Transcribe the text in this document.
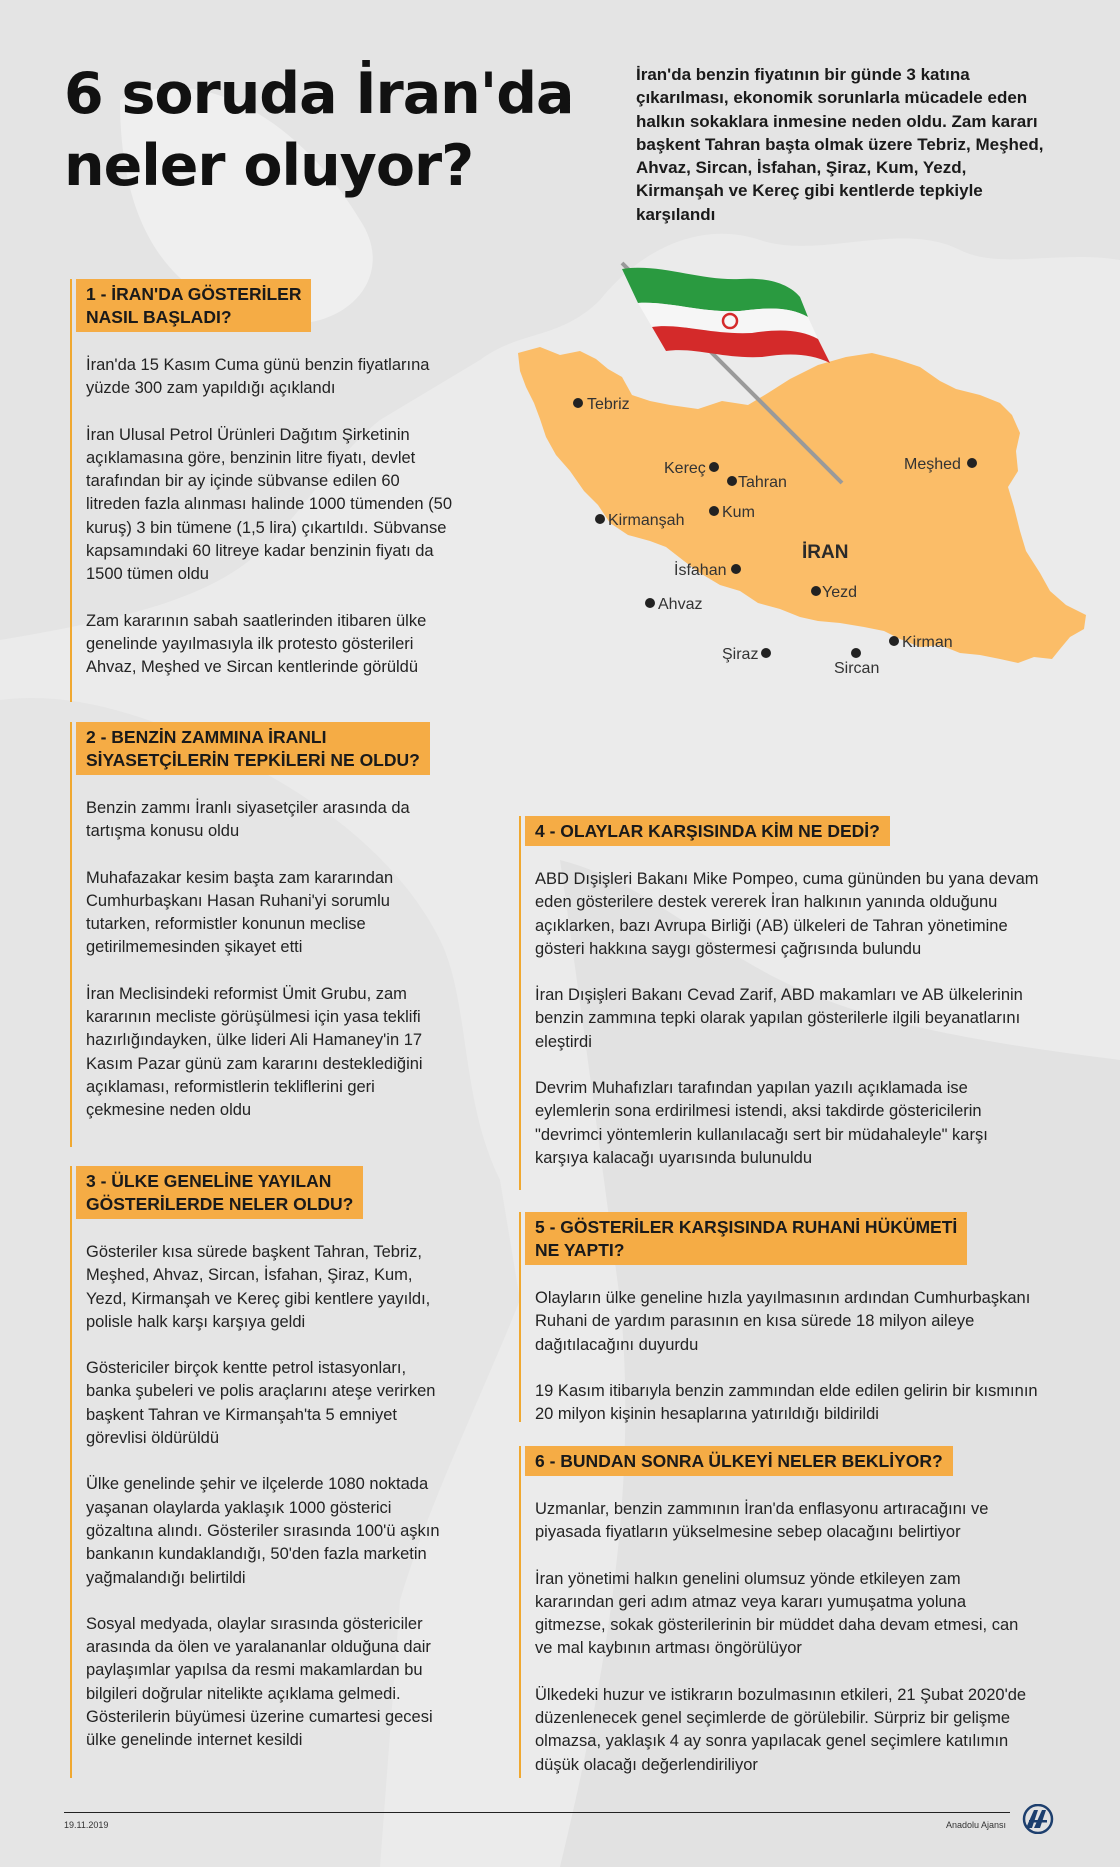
6 soruda İran'da neler oluyor?
İran'da benzin fiyatının bir günde 3 katına çıkarılması, ekonomik sorunlarla mücadele eden halkın sokaklara inmesine neden oldu. Zam kararı başkent Tahran başta olmak üzere Tebriz, Meşhed, Ahvaz, Sircan, İsfahan, Şiraz, Kum, Yezd, Kirmanşah ve Kereç gibi kentlerde tepkiyle karşılandı
Tebriz
Kereç
Tahran
Meşhed
Kirmanşah Kum
İsfahan
Yezd
Ahvaz
Şiraz
Sircan
Kirman
İRAN
1 - İRAN'DA GÖSTERİLER
NASIL BAŞLADI?
İran'da 15 Kasım Cuma günü benzin fiyatlarına yüzde 300 zam yapıldığı açıklandı
İran Ulusal Petrol Ürünleri Dağıtım Şirketinin açıklamasına göre, benzinin litre fiyatı, devlet tarafından bir ay içinde sübvanse edilen 60 litreden fazla alınması halinde 1000 tümenden (50 kuruş) 3 bin tümene (1,5 lira) çıkartıldı. Sübvanse kapsamındaki 60 litreye kadar benzinin fiyatı da 1500 tümen oldu
Zam kararının sabah saatlerinden itibaren ülke genelinde yayılmasıyla ilk protesto gösterileri Ahvaz, Meşhed ve Sircan kentlerinde görüldü
2 - BENZİN ZAMMINA İRANLI
SİYASETÇİLERİN TEPKİLERİ NE OLDU?
Benzin zammı İranlı siyasetçiler arasında da tartışma konusu oldu
Muhafazakar kesim başta zam kararından Cumhurbaşkanı Hasan Ruhani'yi sorumlu tutarken, reformistler konunun meclise getirilmemesinden şikayet etti
İran Meclisindeki reformist Ümit Grubu, zam kararının mecliste görüşülmesi için yasa teklifi hazırlığındayken, ülke lideri Ali Hamaney'in 17 Kasım Pazar günü zam kararını desteklediğini açıklaması, reformistlerin tekliflerini geri çekmesine neden oldu
3 - ÜLKE GENELİNE YAYILAN
GÖSTERİLERDE NELER OLDU?
Gösteriler kısa sürede başkent Tahran, Tebriz, Meşhed, Ahvaz, Sircan, İsfahan, Şiraz, Kum, Yezd, Kirmanşah ve Kereç gibi kentlere yayıldı, polisle halk karşı karşıya geldi
Göstericiler birçok kentte petrol istasyonları, banka şubeleri ve polis araçlarını ateşe verirken başkent Tahran ve Kirmanşah'ta 5 emniyet görevlisi öldürüldü
Ülke genelinde şehir ve ilçelerde 1080 noktada yaşanan olaylarda yaklaşık 1000 gösterici gözaltına alındı. Gösteriler sırasında 100'ü aşkın bankanın kundaklandığı, 50'den fazla marketin yağmalandığı belirtildi
Sosyal medyada, olaylar sırasında göstericiler arasında da ölen ve yaralananlar olduğuna dair paylaşımlar yapılsa da resmi makamlardan bu bilgileri doğrular nitelikte açıklama gelmedi. Gösterilerin büyümesi üzerine cumartesi gecesi ülke genelinde internet kesildi
4 - OLAYLAR KARŞISINDA KİM NE DEDİ?
ABD Dışişleri Bakanı Mike Pompeo, cuma gününden bu yana devam eden gösterilere destek vererek İran halkının yanında olduğunu açıklarken, bazı Avrupa Birliği (AB) ülkeleri de Tahran yönetimine gösteri hakkına saygı göstermesi çağrısında bulundu
İran Dışişleri Bakanı Cevad Zarif, ABD makamları ve AB ülkelerinin benzin zammına tepki olarak yapılan gösterilerle ilgili beyanatlarını eleştirdi
Devrim Muhafızları tarafından yapılan yazılı açıklamada ise eylemlerin sona erdirilmesi istendi, aksi takdirde göstericilerin "devrimci yöntemlerin kullanılacağı sert bir müdahaleyle" karşı karşıya kalacağı uyarısında bulunuldu
5 - GÖSTERİLER KARŞISINDA RUHANİ HÜKÜMETİ
NE YAPTI?
Olayların ülke geneline hızla yayılmasının ardından Cumhurbaşkanı Ruhani de yardım parasının en kısa sürede 18 milyon aileye dağıtılacağını duyurdu
19 Kasım itibarıyla benzin zammından elde edilen gelirin bir kısmının 20 milyon kişinin hesaplarına yatırıldığı bildirildi
6 - BUNDAN SONRA ÜLKEYİ NELER BEKLİYOR?
Uzmanlar, benzin zammının İran'da enflasyonu artıracağını ve piyasada fiyatların yükselmesine sebep olacağını belirtiyor
İran yönetimi halkın genelini olumsuz yönde etkileyen zam kararından geri adım atmaz veya kararı yumuşatma yoluna gitmezse, sokak gösterilerinin bir müddet daha devam etmesi, can ve mal kaybının artması öngörülüyor
Ülkedeki huzur ve istikrarın bozulmasının etkileri, 21 Şubat 2020'de düzenlenecek genel seçimlerde de görülebilir. Sürpriz bir gelişme olmazsa, yaklaşık 4 ay sonra yapılacak genel seçimlere katılımın düşük olacağı değerlendiriliyor
19.11.2019	Anadolu Ajansı
